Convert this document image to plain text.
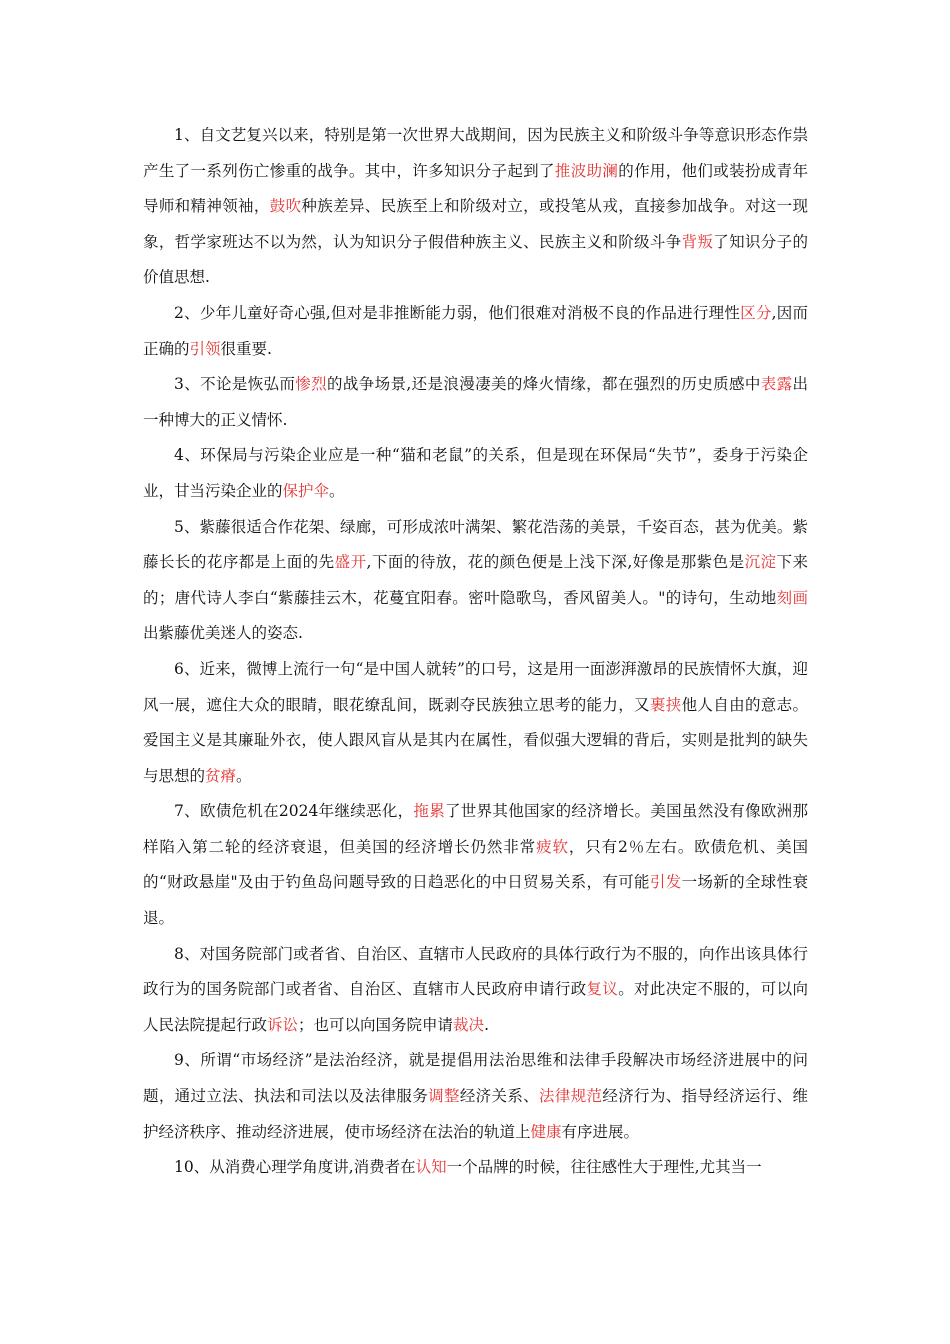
1、自文艺复兴以来，特别是第一次世界大战期间，因为民族主义和阶级斗争等意识形态作祟产生了一系列伤亡惨重的战争。其中，许多知识分子起到了推波助澜的作用，他们或装扮成青年导师和精神领袖，鼓吹种族差异、民族至上和阶级对立，或投笔从戎，直接参加战争。对这一现象，哲学家班达不以为然，认为知识分子假借种族主义、民族主义和阶级斗争背叛了知识分子的价值思想.

2、少年儿童好奇心强,但对是非推断能力弱，他们很难对消极不良的作品进行理性区分,因而正确的引领很重要.

3、不论是恢弘而惨烈的战争场景,还是浪漫凄美的烽火情缘，都在强烈的历史质感中表露出一种博大的正义情怀.

4、环保局与污染企业应是一种“猫和老鼠”的关系，但是现在环保局“失节”，委身于污染企业，甘当污染企业的保护伞。

5、紫藤很适合作花架、绿廊，可形成浓叶满架、繁花浩荡的美景，千姿百态，甚为优美。紫藤长长的花序都是上面的先盛开,下面的待放，花的颜色便是上浅下深,好像是那紫色是沉淀下来的；唐代诗人李白“紫藤挂云木，花蔓宜阳春。密叶隐歌鸟，香风留美人。"的诗句，生动地刻画出紫藤优美迷人的姿态.

6、近来，微博上流行一句“是中国人就转”的口号，这是用一面澎湃激昂的民族情怀大旗，迎风一展，遮住大众的眼睛，眼花缭乱间，既剥夺民族独立思考的能力，又裹挟他人自由的意志。爱国主义是其廉耻外衣，使人跟风盲从是其内在属性，看似强大逻辑的背后，实则是批判的缺失与思想的贫瘠。

7、欧债危机在2024年继续恶化，拖累了世界其他国家的经济增长。美国虽然没有像欧洲那样陷入第二轮的经济衰退，但美国的经济增长仍然非常疲软，只有2％左右。欧债危机、美国的“财政悬崖"及由于钓鱼岛问题导致的日趋恶化的中日贸易关系，有可能引发一场新的全球性衰退。

8、对国务院部门或者省、自治区、直辖市人民政府的具体行政行为不服的，向作出该具体行政行为的国务院部门或者省、自治区、直辖市人民政府申请行政复议。对此决定不服的，可以向人民法院提起行政诉讼；也可以向国务院申请裁决.

9、所谓“市场经济”是法治经济，就是提倡用法治思维和法律手段解决市场经济进展中的问题，通过立法、执法和司法以及法律服务调整经济关系、法律规范经济行为、指导经济运行、维护经济秩序、推动经济进展，使市场经济在法治的轨道上健康有序进展。

10、从消费心理学角度讲,消费者在认知一个品牌的时候，往往感性大于理性,尤其当一
